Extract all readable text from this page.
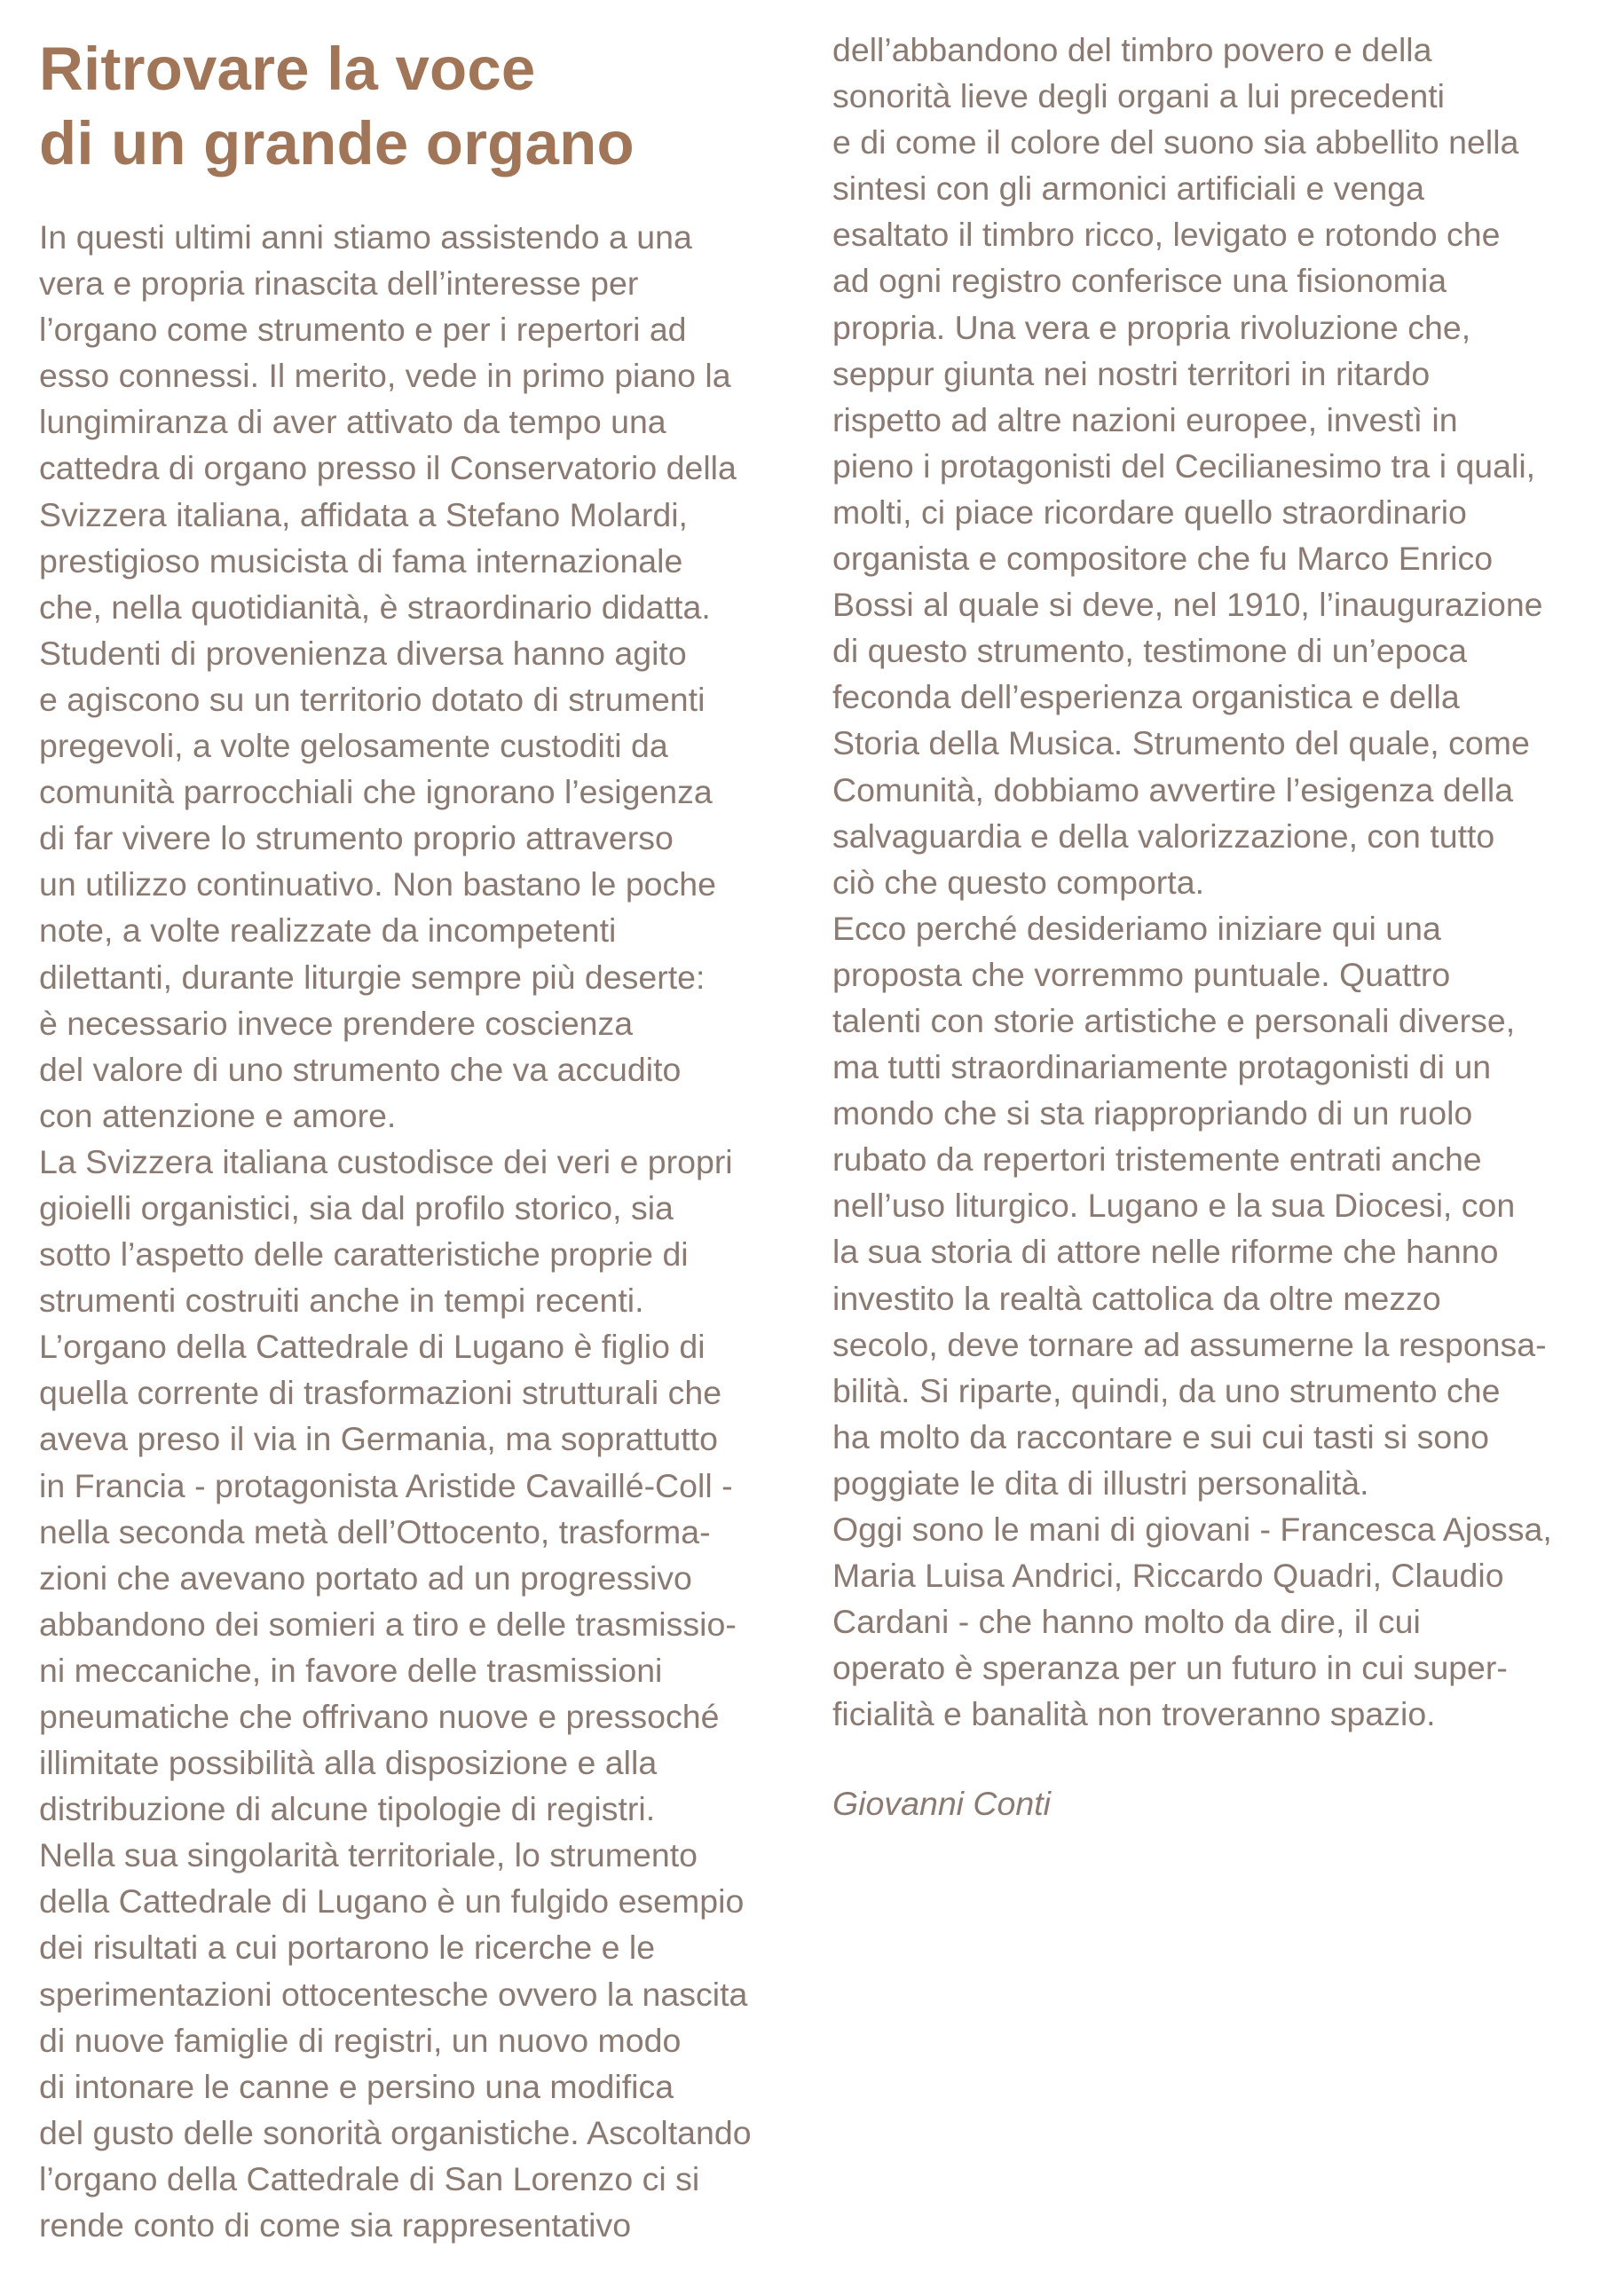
Ritrovare la voce
di un grande organo
In questi ultimi anni stiamo assistendo a una
vera e propria rinascita dell’interesse per
l’organo come strumento e per i repertori ad
esso connessi. Il merito, vede in primo piano la
lungimiranza di aver attivato da tempo una
cattedra di organo presso il Conservatorio della
Svizzera italiana, affidata a Stefano Molardi,
prestigioso musicista di fama internazionale
che, nella quotidianità, è straordinario didatta.
Studenti di provenienza diversa hanno agito
e agiscono su un territorio dotato di strumenti
pregevoli, a volte gelosamente custoditi da
comunità parrocchiali che ignorano l’esigenza
di far vivere lo strumento proprio attraverso
un utilizzo continuativo. Non bastano le poche
note, a volte realizzate da incompetenti
dilettanti, durante liturgie sempre più deserte:
è necessario invece prendere coscienza
del valore di uno strumento che va accudito
con attenzione e amore.
La Svizzera italiana custodisce dei veri e propri
gioielli organistici, sia dal profilo storico, sia
sotto l’aspetto delle caratteristiche proprie di
strumenti costruiti anche in tempi recenti.
L’organo della Cattedrale di Lugano è figlio di
quella corrente di trasformazioni strutturali che
aveva preso il via in Germania, ma soprattutto
in Francia - protagonista Aristide Cavaillé-Coll -
nella seconda metà dell’Ottocento, trasforma-
zioni che avevano portato ad un progressivo
abbandono dei somieri a tiro e delle trasmissio-
ni meccaniche, in favore delle trasmissioni
pneumatiche che offrivano nuove e pressoché
illimitate possibilità alla disposizione e alla
distribuzione di alcune tipologie di registri.
Nella sua singolarità territoriale, lo strumento
della Cattedrale di Lugano è un fulgido esempio
dei risultati a cui portarono le ricerche e le
sperimentazioni ottocentesche ovvero la nascita
di nuove famiglie di registri, un nuovo modo
di intonare le canne e persino una modifica
del gusto delle sonorità organistiche. Ascoltando
l’organo della Cattedrale di San Lorenzo ci si
rende conto di come sia rappresentativo
dell’abbandono del timbro povero e della
sonorità lieve degli organi a lui precedenti
e di come il colore del suono sia abbellito nella
sintesi con gli armonici artificiali e venga
esaltato il timbro ricco, levigato e rotondo che
ad ogni registro conferisce una fisionomia
propria. Una vera e propria rivoluzione che,
seppur giunta nei nostri territori in ritardo
rispetto ad altre nazioni europee, investì in
pieno i protagonisti del Cecilianesimo tra i quali,
molti, ci piace ricordare quello straordinario
organista e compositore che fu Marco Enrico
Bossi al quale si deve, nel 1910, l’inaugurazione
di questo strumento, testimone di un’epoca
feconda dell’esperienza organistica e della
Storia della Musica. Strumento del quale, come
Comunità, dobbiamo avvertire l’esigenza della
salvaguardia e della valorizzazione, con tutto
ciò che questo comporta.
Ecco perché desideriamo iniziare qui una
proposta che vorremmo puntuale. Quattro
talenti con storie artistiche e personali diverse,
ma tutti straordinariamente protagonisti di un
mondo che si sta riappropriando di un ruolo
rubato da repertori tristemente entrati anche
nell’uso liturgico. Lugano e la sua Diocesi, con
la sua storia di attore nelle riforme che hanno
investito la realtà cattolica da oltre mezzo
secolo, deve tornare ad assumerne la responsa-
bilità. Si riparte, quindi, da uno strumento che
ha molto da raccontare e sui cui tasti si sono
poggiate le dita di illustri personalità.
Oggi sono le mani di giovani - Francesca Ajossa,
Maria Luisa Andrici, Riccardo Quadri, Claudio
Cardani - che hanno molto da dire, il cui
operato è speranza per un futuro in cui super-
ficialità e banalità non troveranno spazio.
Giovanni Conti
